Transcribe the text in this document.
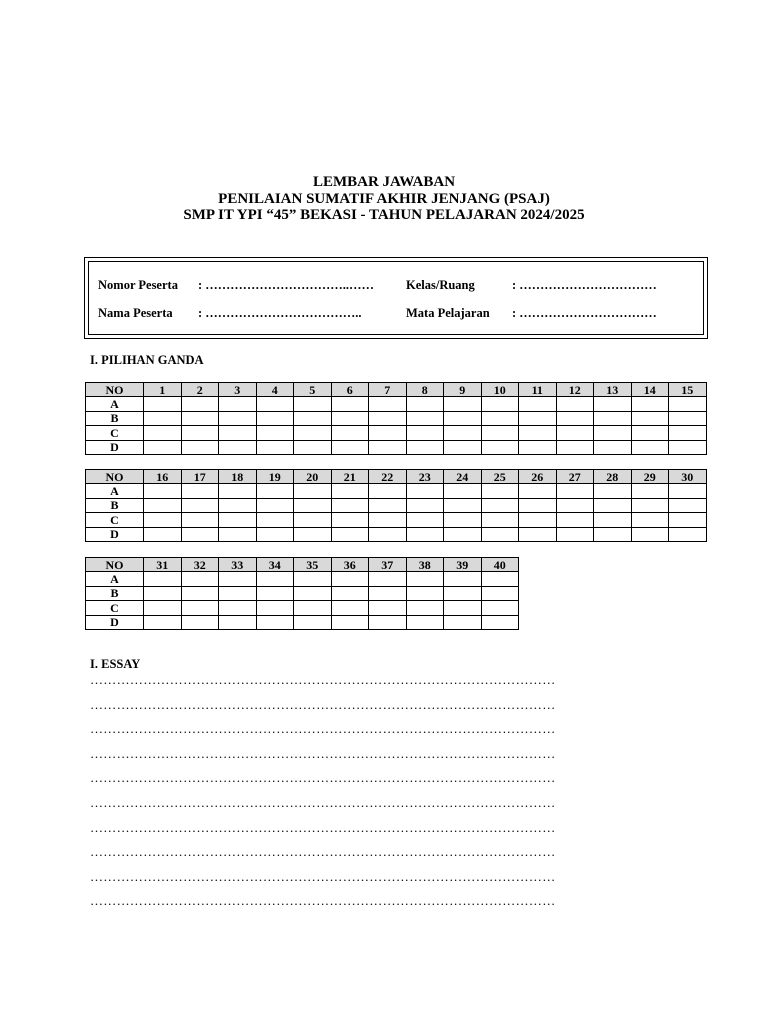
LEMBAR JAWABAN
PENILAIAN SUMATIF AKHIR JENJANG (PSAJ)
SMP IT YPI “45” BEKASI - TAHUN PELAJARAN 2024/2025
Nomor Peserta : ……………………………..……	Kelas/Ruang	: ……………………………
Nama Peserta : ………………………………..	Mata Pelajaran : ……………………………
I. PILIHAN GANDA
NO	1	2	3	4	5	6	7	8	9	10	11	12	13	14	15
A															
B															
C															
D															
NO	16	17	18	19	20	21	22	23	24	25	26	27	28	29	30
A															
B															
C															
D															
NO	31	32	33	34	35	36	37	38	39	40
A										
B										
C										
D										
I. ESSAY
……………………………………………………………………………………………
……………………………………………………………………………………………
……………………………………………………………………………………………
……………………………………………………………………………………………
……………………………………………………………………………………………
……………………………………………………………………………………………
……………………………………………………………………………………………
……………………………………………………………………………………………
……………………………………………………………………………………………
……………………………………………………………………………………………
